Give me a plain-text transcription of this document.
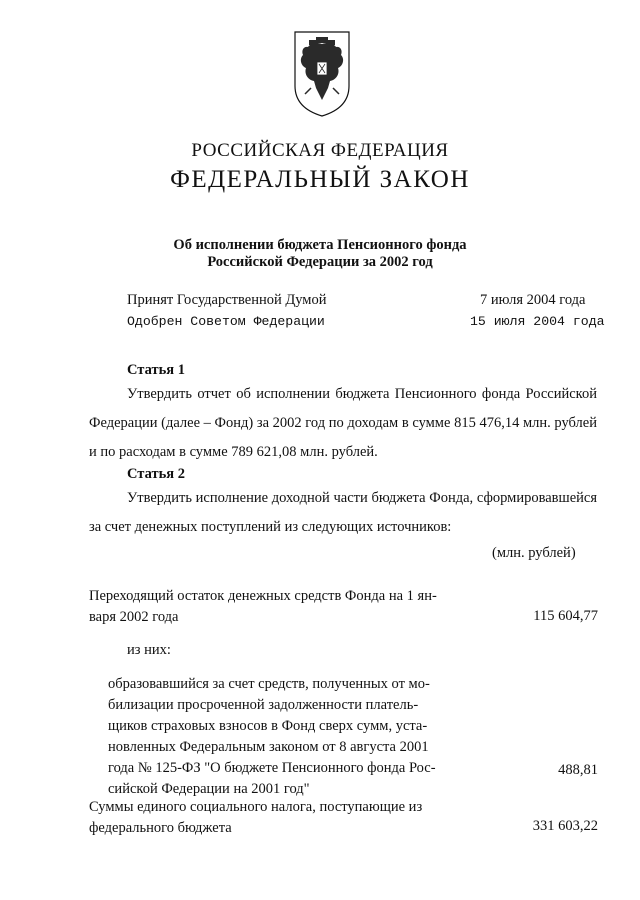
РОССИЙСКАЯ ФЕДЕРАЦИЯ
ФЕДЕРАЛЬНЫЙ ЗАКОН
Об исполнении бюджета Пенсионного фонда
Российской Федерации за 2002 год
Принят Государственной Думой	7 июля 2004 года
Одобрен Советом Федерации	15 июля 2004 года
Статья 1

Утвердить отчет об исполнении бюджета Пенсионного фонда Российской Федерации (далее – Фонд) за 2002 год по доходам в сумме 815 476,14 млн. рублей и по расходам в сумме 789 621,08 млн. рублей.

Статья 2

Утвердить исполнение доходной части бюджета Фонда, сформировавшейся за счет денежных поступлений из следующих источников:

(млн. рублей)
Переходящий остаток денежных средств Фонда на 1 ян-
варя 2002 года	115 604,77
из них:
образовавшийся за счет средств, полученных от мо-
билизации просроченной задолженности платель-
щиков страховых взносов в Фонд сверх сумм, уста-
новленных Федеральным законом от 8 августа 2001
года № 125-ФЗ "О бюджете Пенсионного фонда Рос-
сийской Федерации на 2001 год"
488,81
Суммы единого социального налога, поступающие из
федерального бюджета	331 603,22
